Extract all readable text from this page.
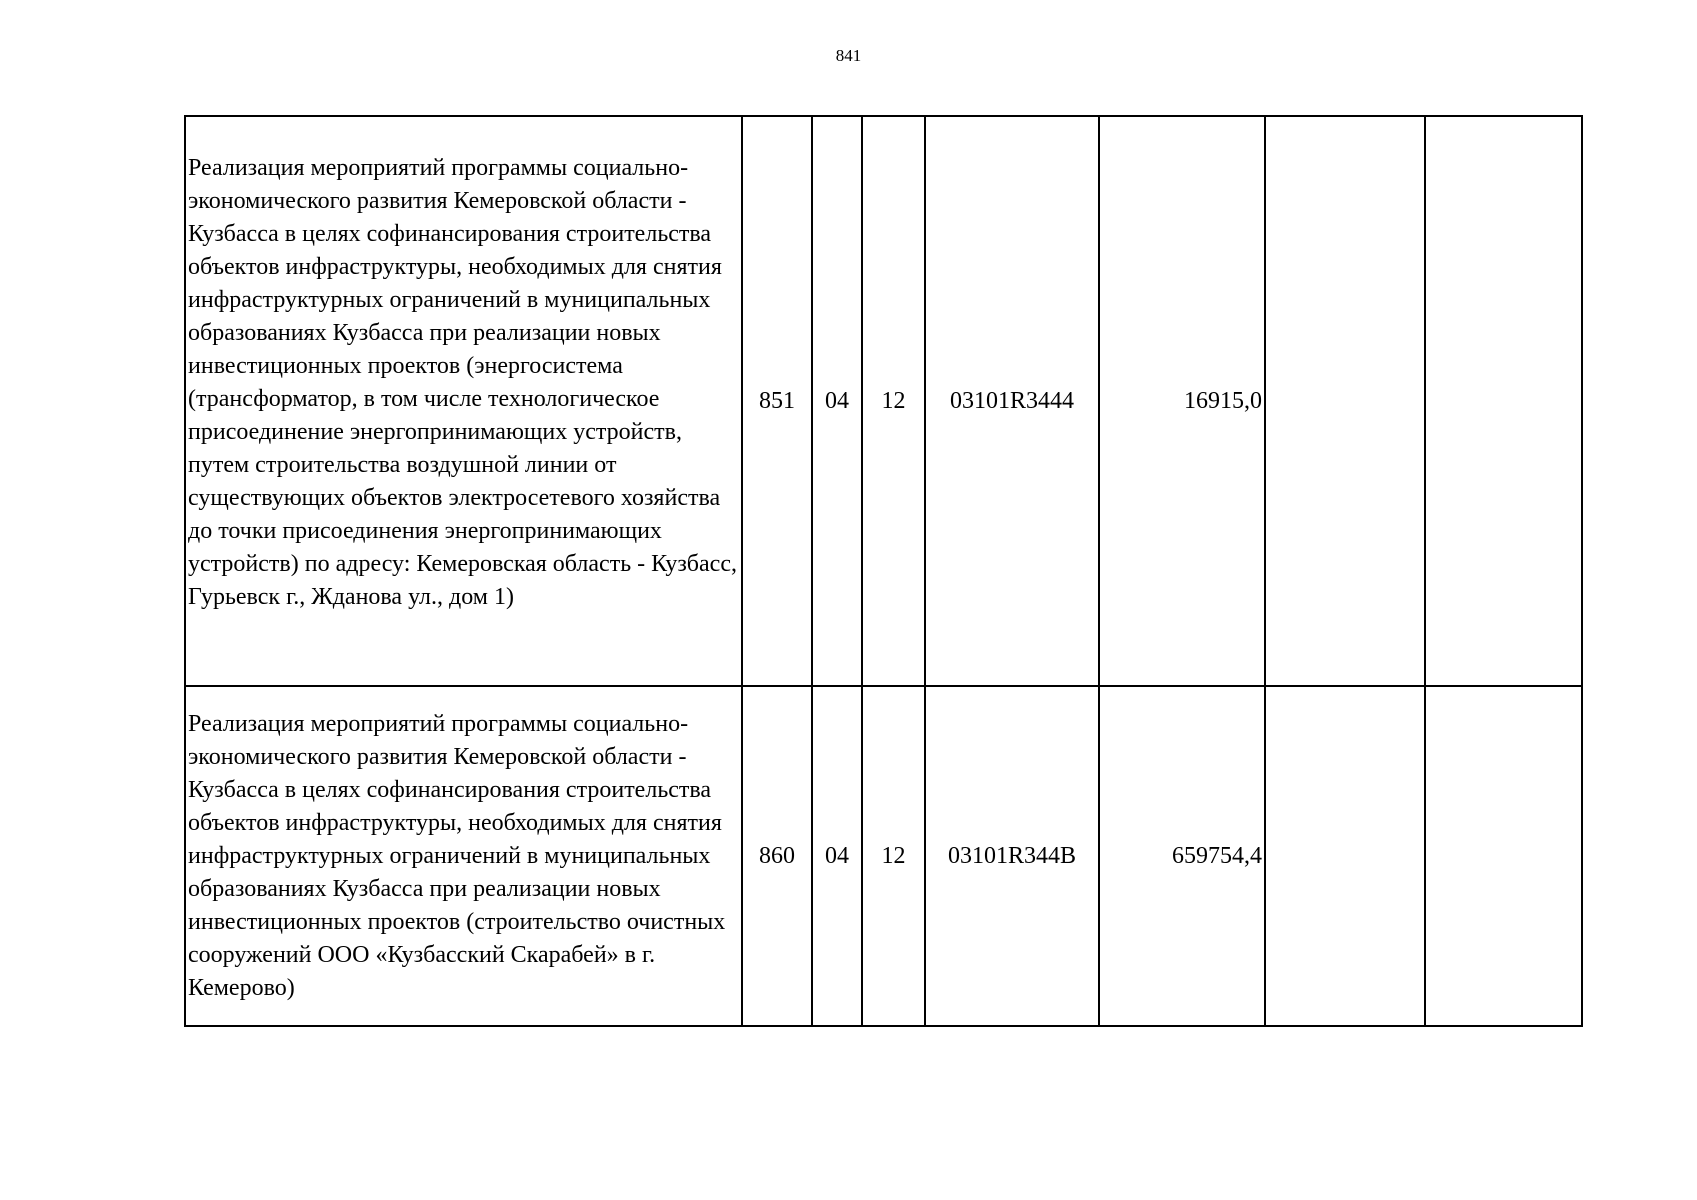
841
Реализация мероприятий программы социально-экономического развития Кемеровской области - Кузбасса в целях софинансирования строительства объектов инфраструктуры, необходимых для снятия инфраструктурных ограничений в муниципальных образованиях Кузбасса при реализации новых инвестиционных проектов (энергосистема (трансформатор, в том числе технологическое присоединение энергопринимающих устройств, путем строительства воздушной линии от существующих объектов электросетевого хозяйства до точки присоединения энергопринимающих устройств) по адресу: Кемеровская область - Кузбасс, Гурьевск г., Жданова ул., дом 1)	851	04	12	03101R3444	16915,0		
Реализация мероприятий программы социально-экономического развития Кемеровской области - Кузбасса в целях софинансирования строительства объектов инфраструктуры, необходимых для снятия инфраструктурных ограничений в муниципальных образованиях Кузбасса при реализации новых инвестиционных проектов (строительство очистных сооружений ООО «Кузбасский Скарабей» в г. Кемерово)	860	04	12	03101R344В	659754,4		
